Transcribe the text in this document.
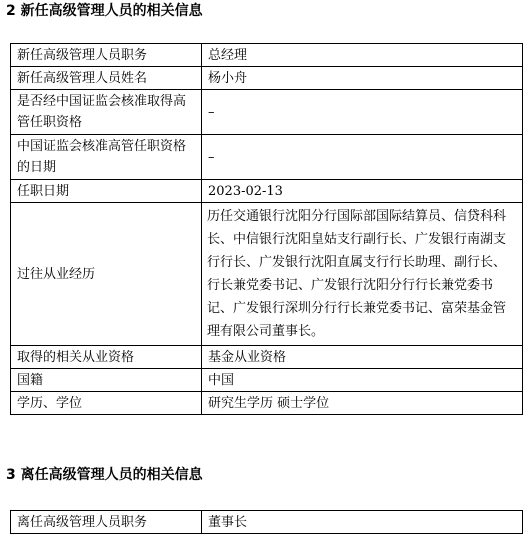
2 新任高级管理人员的相关信息
新任高级管理人员职务	总经理
新任高级管理人员姓名	杨小舟
是否经中国证监会核准取得高管任职资格	–
中国证监会核准高管任职资格的日期	–
任职日期	2023-02-13
过往从业经历	历任交通银行沈阳分行国际部国际结算员、信贷科科长、中信银行沈阳皇姑支行副行长、广发银行南湖支行行长、广发银行沈阳直属支行行长助理、副行长、行长兼党委书记、广发银行沈阳分行行长兼党委书记、广发银行深圳分行行长兼党委书记、富荣基金管理有限公司董事长。
取得的相关从业资格	基金从业资格
国籍	中国
学历、学位	研究生学历 硕士学位
3 离任高级管理人员的相关信息
离任高级管理人员职务	董事长
